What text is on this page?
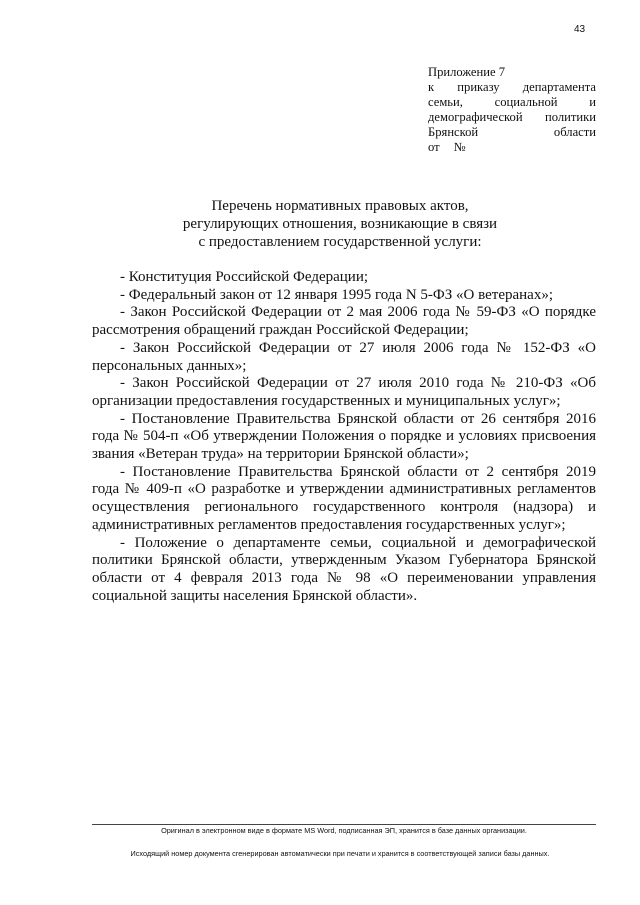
43
Приложение 7
к приказу департамента
семьи, социальной и
демографической политики
Брянской области
от №
Перечень нормативных правовых актов,
регулирующих отношения, возникающие в связи
с предоставлением государственной услуги:

- Конституция Российской Федерации;

- Федеральный закон от 12 января 1995 года N 5-ФЗ «О ветеранах»;

- Закон Российской Федерации от 2 мая 2006 года № 59-ФЗ «О порядке рассмотрения обращений граждан Российской Федерации;

- Закон Российской Федерации от 27 июля 2006 года № 152-ФЗ «О персональных данных»;

- Закон Российской Федерации от 27 июля 2010 года № 210-ФЗ «Об организации предоставления государственных и муниципальных услуг»;

- Постановление Правительства Брянской области от 26 сентября 2016 года № 504-п «Об утверждении Положения о порядке и условиях присвоения звания «Ветеран труда» на территории Брянской области»;

- Постановление Правительства Брянской области от 2 сентября 2019 года № 409-п «О разработке и утверждении административных регламентов осуществления регионального государственного контроля (надзора) и административных регламентов предоставления государственных услуг»;

- Положение о департаменте семьи, социальной и демографической политики Брянской области, утвержденным Указом Губернатора Брянской области от 4 февраля 2013 года № 98 «О переименовании управления социальной защиты населения Брянской области».

Оригинал в электронном виде в формате MS Word, подписанная ЭП, хранится в базе данных организации.
Исходящий номер документа сгенерирован автоматически при печати и хранится в соответствующей записи базы данных.
